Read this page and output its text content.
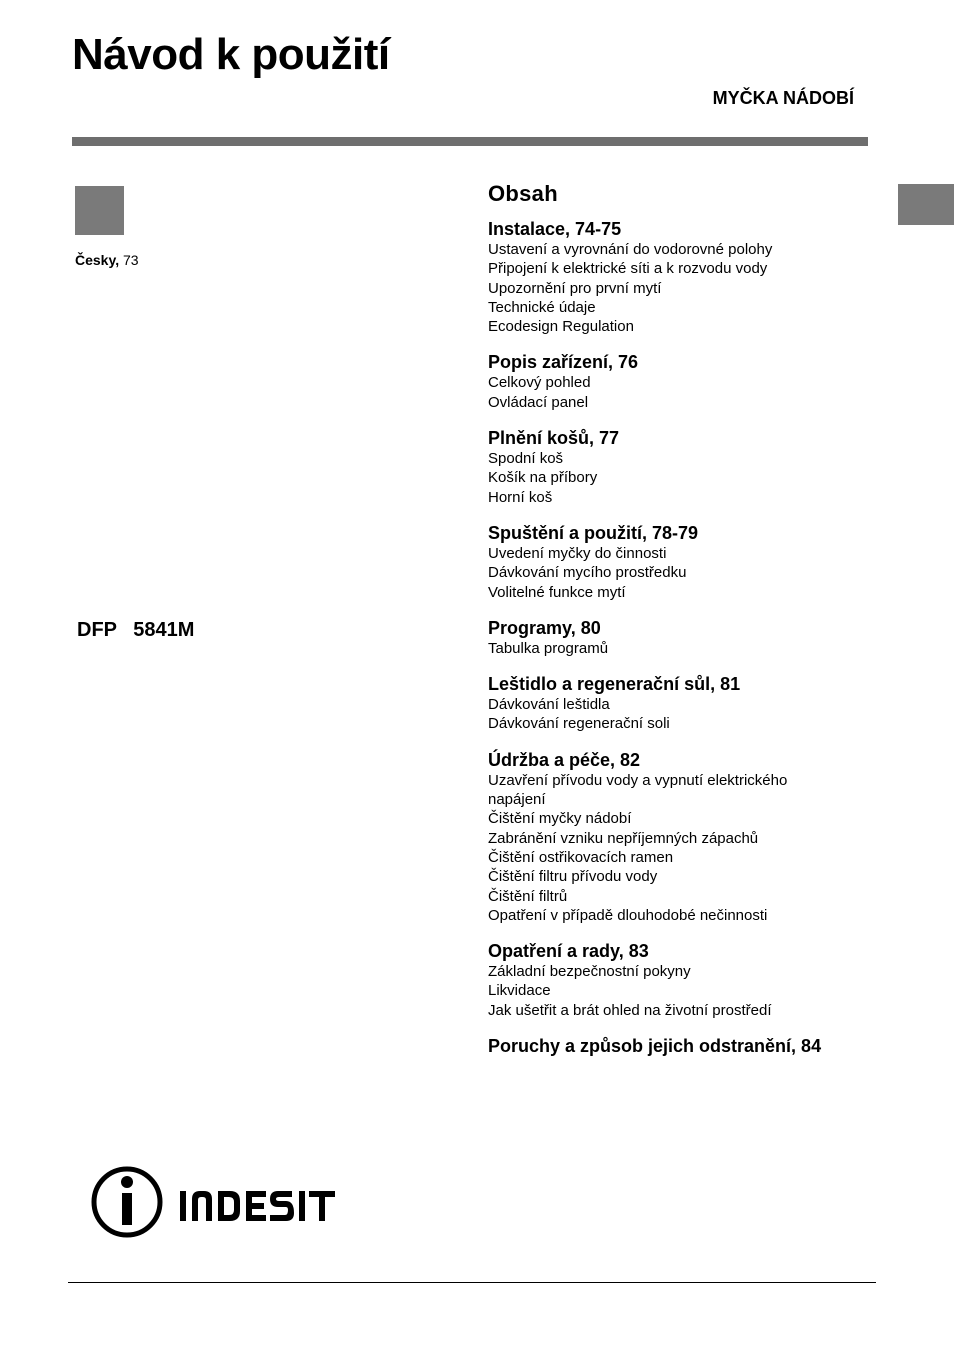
Návod k použití
MYČKA NÁDOBÍ
Česky, 73
DFP   5841M
Obsah
Instalace, 74-75
Ustavení a vyrovnání do vodorovné polohy
Připojení k elektrické síti a k rozvodu vody
Upozornění pro první mytí
Technické údaje
Ecodesign Regulation
Popis zařízení, 76
Celkový pohled
Ovládací panel
Plnění košů, 77
Spodní koš
Košík na příbory
Horní koš
Spuštění a použití, 78-79
Uvedení myčky do činnosti
Dávkování mycího prostředku
Volitelné funkce mytí
Programy, 80
Tabulka programů
Leštidlo a regenerační sůl, 81
Dávkování leštidla
Dávkování regenerační soli
Údržba a péče, 82
Uzavření přívodu vody a vypnutí elektrického
napájení
Čištění myčky nádobí
Zabránění vzniku nepříjemných zápachů
Čištění ostřikovacích ramen
Čištění filtru přívodu vody
Čištění filtrů
Opatření v případě dlouhodobé nečinnosti
Opatření a rady, 83
Základní bezpečnostní pokyny
Likvidace
Jak ušetřit a brát ohled na životní prostředí
Poruchy a způsob jejich odstranění, 84
